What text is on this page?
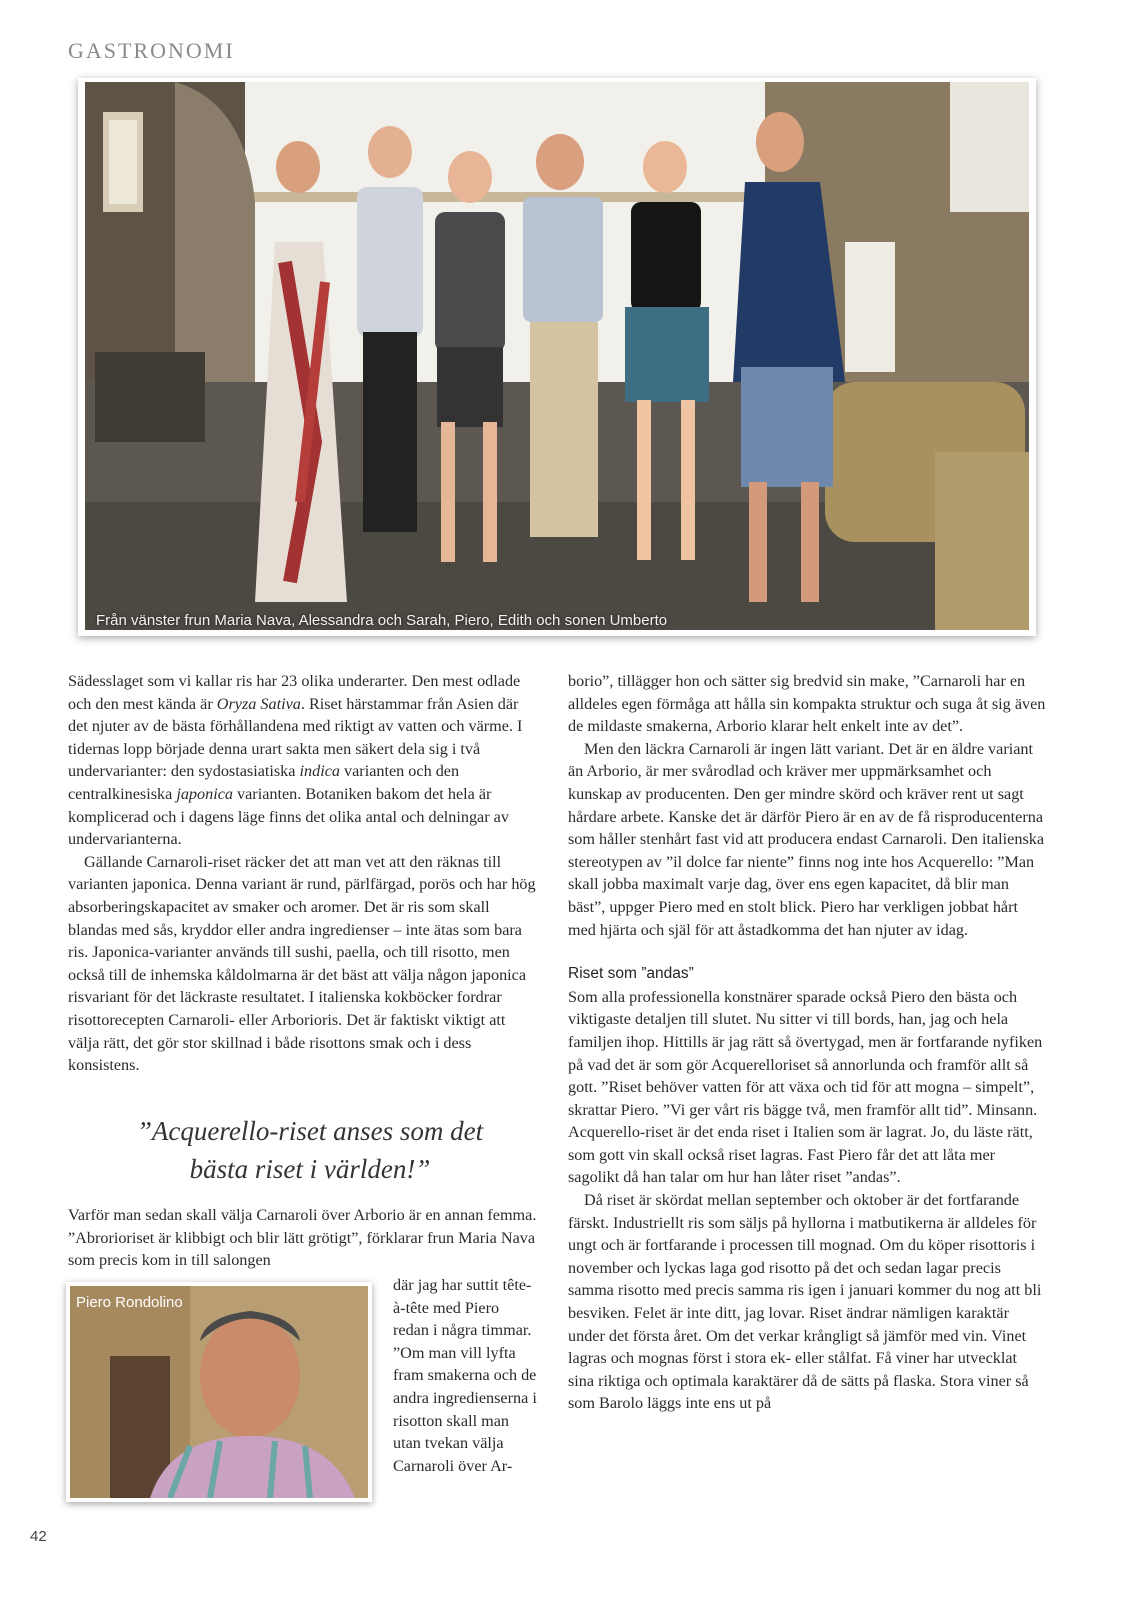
GASTRONOMI
Från vänster frun Maria Nava, Alessandra och Sarah, Piero, Edith och sonen Umberto

Sädesslaget som vi kallar ris har 23 olika underarter. Den mest odlade och den mest kända är Oryza Sativa. Riset härstammar från Asien där det njuter av de bästa förhållandena med riktigt av vatten och värme. I tidernas lopp började denna urart sakta men säkert dela sig i två undervarianter: den sydostasiatiska indica varianten och den centralkinesiska japonica varianten. Botaniken bakom det hela är komplicerad och i dagens läge finns det olika antal och delningar av undervarianterna.

Gällande Carnaroli-riset räcker det att man vet att den räknas till varianten japonica. Denna variant är rund, pärlfärgad, porös och har hög absorberingskapacitet av smaker och aromer. Det är ris som skall blandas med sås, kryddor eller andra ingredienser – inte ätas som bara ris. Japonica-varianter används till sushi, paella, och till risotto, men också till de inhemska kåldolmarna är det bäst att välja någon japonica risvariant för det läckraste resultatet. I italienska kokböcker fordrar risottorecepten Carnaroli- eller Arborioris. Det är faktiskt viktigt att välja rätt, det gör stor skillnad i både risottons smak och i dess konsistens.

”Acquerello-riset anses som det bästa riset i världen!”

Varför man sedan skall välja Carnaroli över Arborio är en annan femma. ”Abrorioriset är klibbigt och blir lätt grötigt”, förklarar frun Maria Nava som precis kom in till salongen

Piero Rondolino

där jag har suttit tête-à-tête med Piero redan i några timmar. ”Om man vill lyfta fram smakerna och de andra ingredienserna i risotton skall man utan tvekan välja Carnaroli över Ar-

borio”, tillägger hon och sätter sig bredvid sin make, ”Carnaroli har en alldeles egen förmåga att hålla sin kompakta struktur och suga åt sig även de mildaste smakerna, Arborio klarar helt enkelt inte av det”.

Men den läckra Carnaroli är ingen lätt variant. Det är en äldre variant än Arborio, är mer svårodlad och kräver mer uppmärksamhet och kunskap av producenten. Den ger mindre skörd och kräver rent ut sagt hårdare arbete. Kanske det är därför Piero är en av de få risproducenterna som håller stenhårt fast vid att producera endast Carnaroli. Den italienska stereotypen av ”il dolce far niente” finns nog inte hos Acquerello: ”Man skall jobba maximalt varje dag, över ens egen kapacitet, då blir man bäst”, uppger Piero med en stolt blick. Piero har verkligen jobbat hårt med hjärta och själ för att åstadkomma det han njuter av idag.

Riset som ”andas”

Som alla professionella konstnärer sparade också Piero den bästa och viktigaste detaljen till slutet. Nu sitter vi till bords, han, jag och hela familjen ihop. Hittills är jag rätt så övertygad, men är fortfarande nyfiken på vad det är som gör Acquerelloriset så annorlunda och framför allt så gott. ”Riset behöver vatten för att växa och tid för att mogna – simpelt”, skrattar Piero. ”Vi ger vårt ris bägge två, men framför allt tid”. Minsann. Acquerello-riset är det enda riset i Italien som är lagrat. Jo, du läste rätt, som gott vin skall också riset lagras. Fast Piero får det att låta mer sagolikt då han talar om hur han låter riset ”andas”.

Då riset är skördat mellan september och oktober är det fortfarande färskt. Industriellt ris som säljs på hyllorna i matbutikerna är alldeles för ungt och är fortfarande i processen till mognad. Om du köper risottoris i november och lyckas laga god risotto på det och sedan lagar precis samma risotto med precis samma ris igen i januari kommer du nog att bli besviken. Felet är inte ditt, jag lovar. Riset ändrar nämligen karaktär under det första året. Om det verkar krångligt så jämför med vin. Vinet lagras och mognas först i stora ek- eller stålfat. Få viner har utvecklat sina riktiga och optimala karaktärer då de sätts på flaska. Stora viner så som Barolo läggs inte ens ut på

42
